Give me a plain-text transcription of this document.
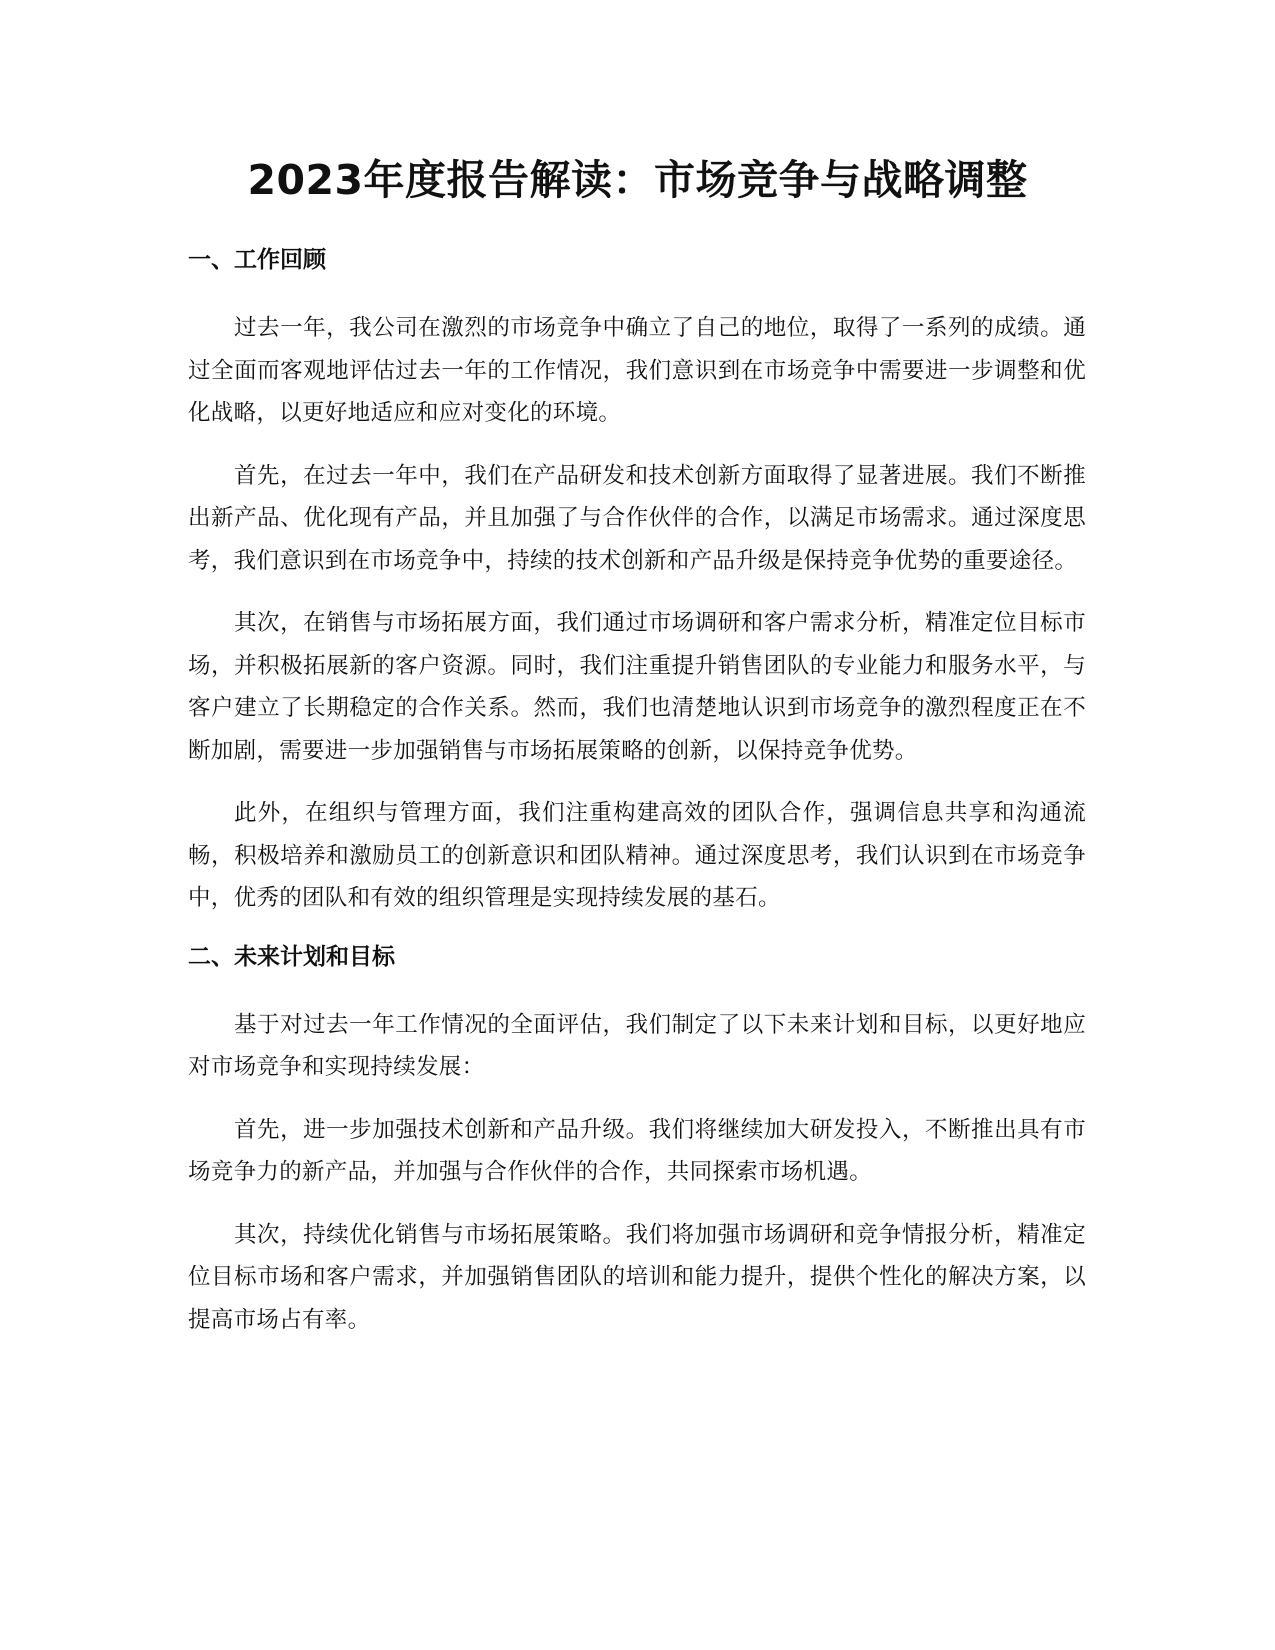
2023年度报告解读：市场竞争与战略调整
一、工作回顾

过去一年，我公司在激烈的市场竞争中确立了自己的地位，取得了一系列的成绩。通过全面而客观地评估过去一年的工作情况，我们意识到在市场竞争中需要进一步调整和优化战略，以更好地适应和应对变化的环境。

首先，在过去一年中，我们在产品研发和技术创新方面取得了显著进展。我们不断推出新产品、优化现有产品，并且加强了与合作伙伴的合作，以满足市场需求。通过深度思考，我们意识到在市场竞争中，持续的技术创新和产品升级是保持竞争优势的重要途径。

其次，在销售与市场拓展方面，我们通过市场调研和客户需求分析，精准定位目标市场，并积极拓展新的客户资源。同时，我们注重提升销售团队的专业能力和服务水平，与客户建立了长期稳定的合作关系。然而，我们也清楚地认识到市场竞争的激烈程度正在不断加剧，需要进一步加强销售与市场拓展策略的创新，以保持竞争优势。

此外，在组织与管理方面，我们注重构建高效的团队合作，强调信息共享和沟通流畅，积极培养和激励员工的创新意识和团队精神。通过深度思考，我们认识到在市场竞争中，优秀的团队和有效的组织管理是实现持续发展的基石。

二、未来计划和目标

基于对过去一年工作情况的全面评估，我们制定了以下未来计划和目标，以更好地应对市场竞争和实现持续发展：

首先，进一步加强技术创新和产品升级。我们将继续加大研发投入，不断推出具有市场竞争力的新产品，并加强与合作伙伴的合作，共同探索市场机遇。

其次，持续优化销售与市场拓展策略。我们将加强市场调研和竞争情报分析，精准定位目标市场和客户需求，并加强销售团队的培训和能力提升，提供个性化的解决方案，以提高市场占有率。
